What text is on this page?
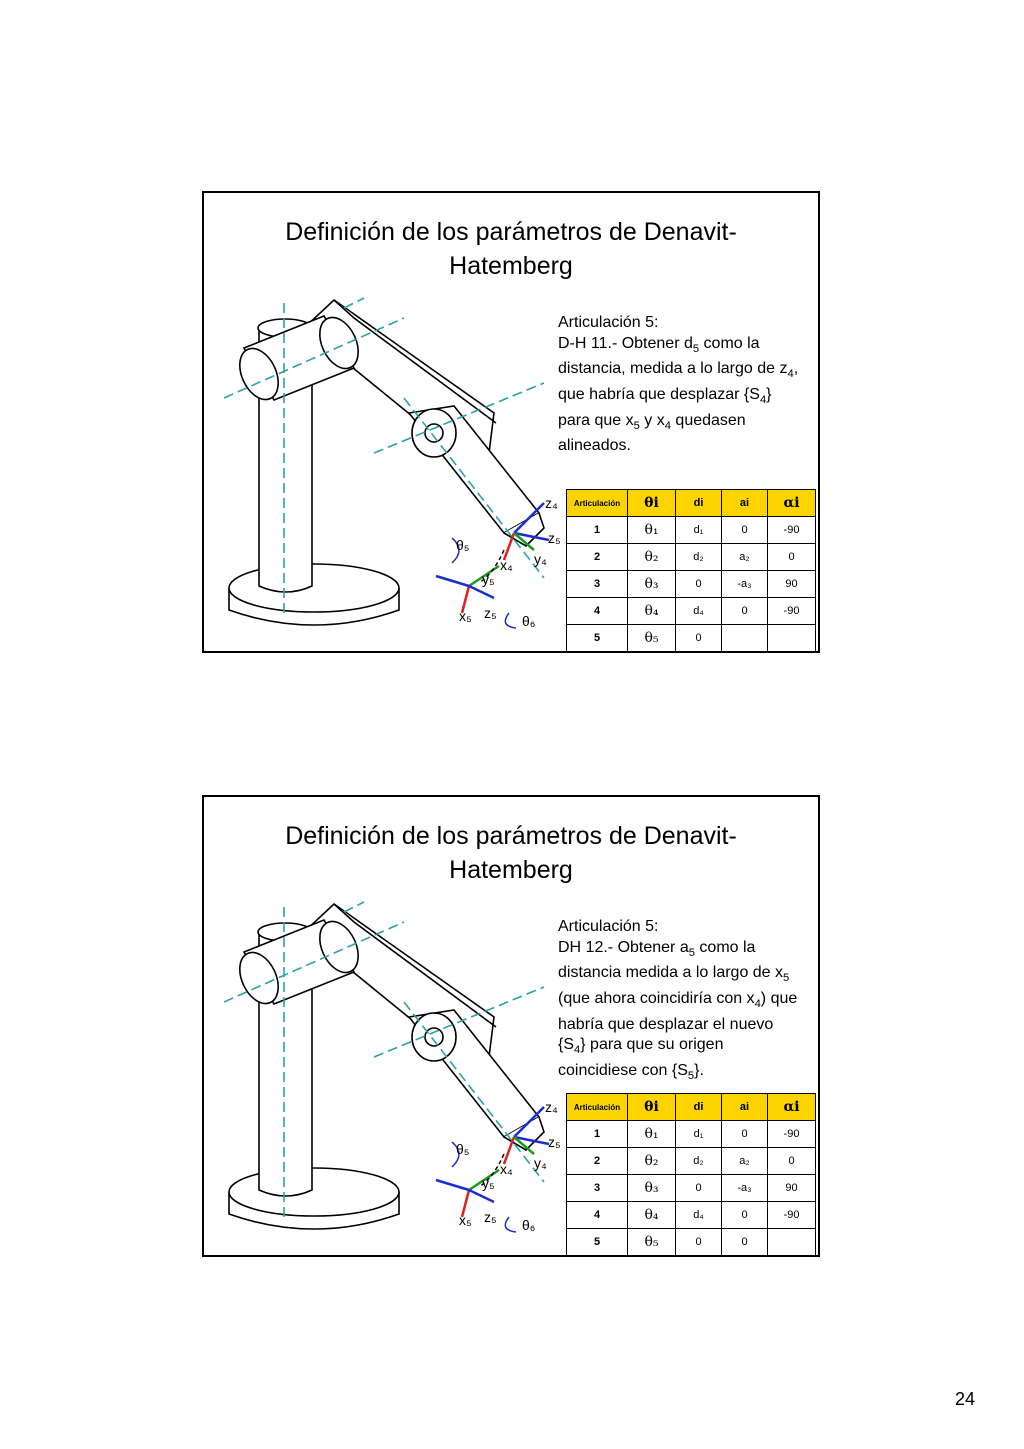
Definición de los parámetros de Denavit-
Hatemberg
Articulación 5:
D-H 11.- Obtener $d_5$ como la
distancia, medida a lo largo de $z_4$,
que habría que desplazar $\{S_4\}$
para que $x_5$ y $x_4$ quedasen
alineados.
z₄
z₅
y₄
x₄
θ₅
θ₆
y₅
x₅ z₅
Articulación	θi	di	ai	αi
1	θ₁	d₁	0	-90
2	θ₂	d₂	a₂	0
3	θ₃	0	-a₃	90
4	θ₄	d₄	0	-90
5	θ₅	0		
Definición de los parámetros de Denavit-
Hatemberg
Articulación 5:
DH 12.- Obtener $a_5$ como la
distancia medida a lo largo de $x_5$
(que ahora coincidiría con $x_4$) que
habría que desplazar el nuevo
$\{S_4\}$ para que su origen
coincidiese con $\{S_5\}$.
z₄
z₅
y₄
x₄
θ₅
θ₆
y₅
x₅ z₅
Articulación	θi	di	ai	αi
1	θ₁	d₁	0	-90
2	θ₂	d₂	a₂	0
3	θ₃	0	-a₃	90
4	θ₄	d₄	0	-90
5	θ₅	0	0	
24
